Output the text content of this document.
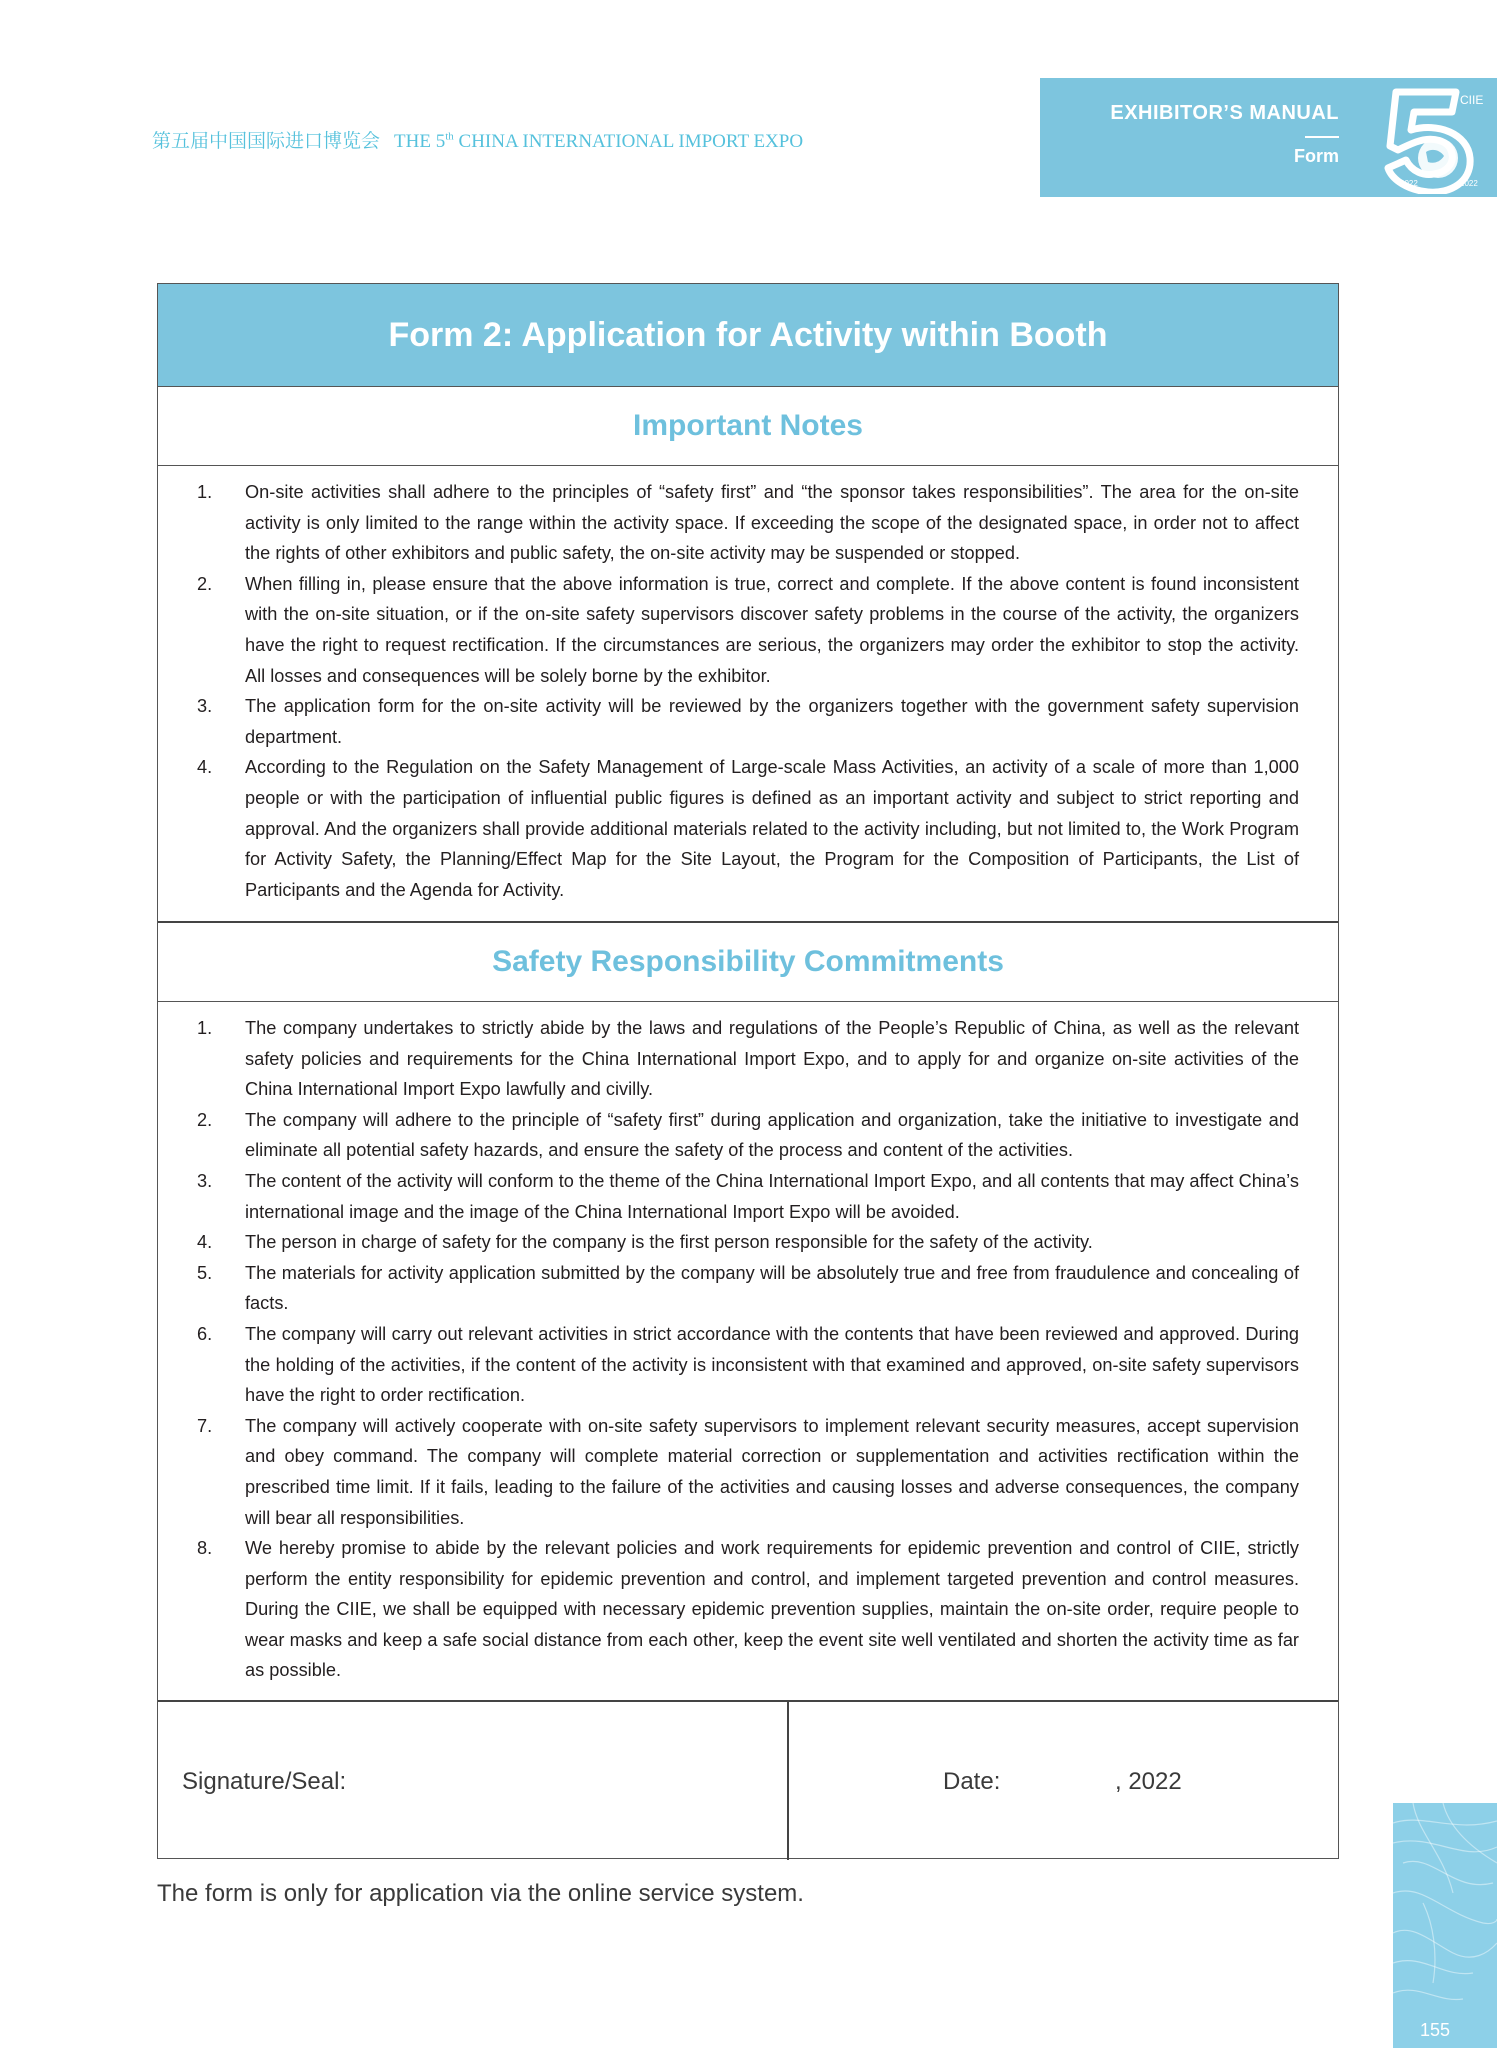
第五届中国国际进口博览会 THE 5th CHINA INTERNATIONAL IMPORT EXPO
EXHIBITOR’S MANUAL
Form
CIIE
2022	2022
Form 2: Application for Activity within Booth
Important Notes
1. On-site activities shall adhere to the principles of “safety first” and “the sponsor takes responsibilities”. The area for the on-site activity is only limited to the range within the activity space. If exceeding the scope of the designated space, in order not to affect the rights of other exhibitors and public safety, the on-site activity may be suspended or stopped.
2. When filling in, please ensure that the above information is true, correct and complete. If the above content is found inconsistent with the on-site situation, or if the on-site safety supervisors discover safety problems in the course of the activity, the organizers have the right to request rectification. If the circumstances are serious, the organizers may order the exhibitor to stop the activity. All losses and consequences will be solely borne by the exhibitor.
3. The application form for the on-site activity will be reviewed by the organizers together with the government safety supervision department.
4. According to the Regulation on the Safety Management of Large-scale Mass Activities, an activity of a scale of more than 1,000 people or with the participation of influential public figures is defined as an important activity and subject to strict reporting and approval. And the organizers shall provide additional materials related to the activity including, but not limited to, the Work Program for Activity Safety, the Planning/Effect Map for the Site Layout, the Program for the Composition of Participants, the List of Participants and the Agenda for Activity.
Safety Responsibility Commitments
1. The company undertakes to strictly abide by the laws and regulations of the People’s Republic of China, as well as the relevant safety policies and requirements for the China International Import Expo, and to apply for and organize on-site activities of the China International Import Expo lawfully and civilly.
2. The company will adhere to the principle of “safety first” during application and organization, take the initiative to investigate and eliminate all potential safety hazards, and ensure the safety of the process and content of the activities.
3. The content of the activity will conform to the theme of the China International Import Expo, and all contents that may affect China’s international image and the image of the China International Import Expo will be avoided.
4. The person in charge of safety for the company is the first person responsible for the safety of the activity.
5. The materials for activity application submitted by the company will be absolutely true and free from fraudulence and concealing of facts.
6. The company will carry out relevant activities in strict accordance with the contents that have been reviewed and approved. During the holding of the activities, if the content of the activity is inconsistent with that examined and approved, on-site safety supervisors have the right to order rectification.
7. The company will actively cooperate with on-site safety supervisors to implement relevant security measures, accept supervision and obey command. The company will complete material correction or supplementation and activities rectification within the prescribed time limit. If it fails, leading to the failure of the activities and causing losses and adverse consequences, the company will bear all responsibilities.
8. We hereby promise to abide by the relevant policies and work requirements for epidemic prevention and control of CIIE, strictly perform the entity responsibility for epidemic prevention and control, and implement targeted prevention and control measures. During the CIIE, we shall be equipped with necessary epidemic prevention supplies, maintain the on-site order, require people to wear masks and keep a safe social distance from each other, keep the event site well ventilated and shorten the activity time as far as possible.
Signature/Seal:	Date:	, 2022
The form is only for application via the online service system.
155
